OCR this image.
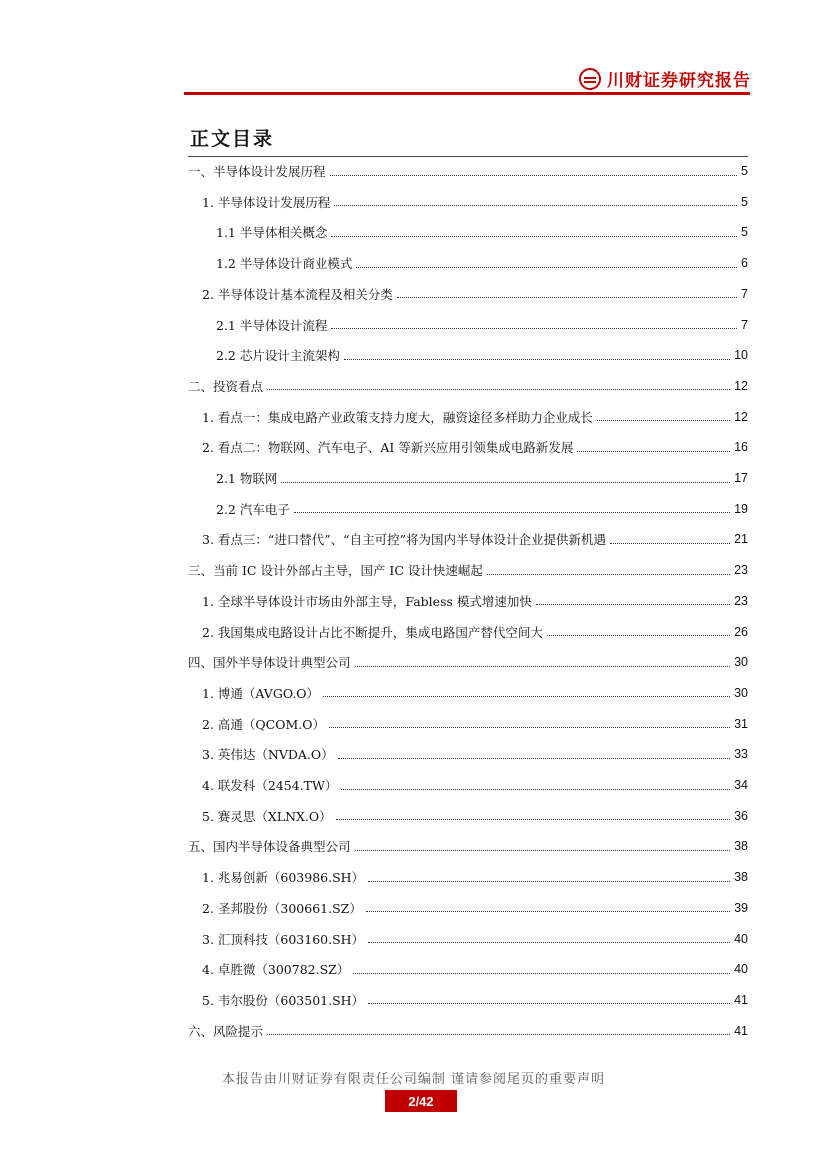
川财证券研究报告
正文目录
一、半导体设计发展历程	5
1. 半导体设计发展历程	5
1.1 半导体相关概念	5
1.2 半导体设计商业模式	6
2. 半导体设计基本流程及相关分类	7
2.1 半导体设计流程	7
2.2 芯片设计主流架构	10
二、投资看点	12
1. 看点一：集成电路产业政策支持力度大，融资途径多样助力企业成长	12
2. 看点二：物联网、汽车电子、AI 等新兴应用引领集成电路新发展	16
2.1 物联网	17
2.2 汽车电子	19
3. 看点三：“进口替代”、“自主可控”将为国内半导体设计企业提供新机遇	21
三、当前 IC 设计外部占主导，国产 IC 设计快速崛起	23
1. 全球半导体设计市场由外部主导，Fabless 模式增速加快	23
2. 我国集成电路设计占比不断提升，集成电路国产替代空间大	26
四、国外半导体设计典型公司	30
1. 博通（AVGO.O）	30
2. 高通（QCOM.O）	31
3. 英伟达（NVDA.O）	33
4. 联发科（2454.TW）	34
5. 赛灵思（XLNX.O）	36
五、国内半导体设备典型公司	38
1. 兆易创新（603986.SH）	38
2. 圣邦股份（300661.SZ）	39
3. 汇顶科技（603160.SH）	40
4. 卓胜微（300782.SZ）	40
5. 韦尔股份（603501.SH）	41
六、风险提示	41
本报告由川财证券有限责任公司编制 谨请参阅尾页的重要声明
2/42
